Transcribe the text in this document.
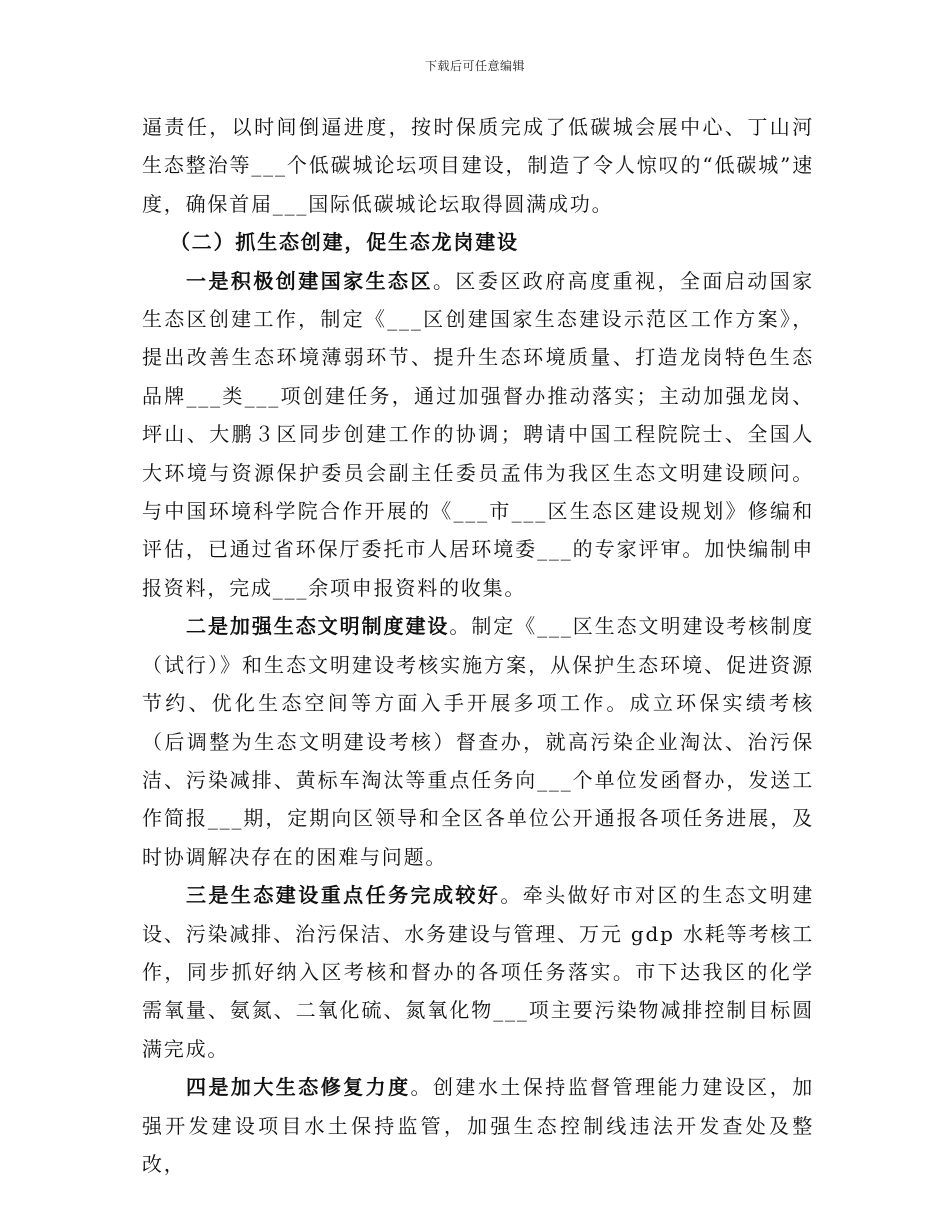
下载后可任意编辑

逼责任，以时间倒逼进度，按时保质完成了低碳城会展中心、丁山河生态整治等___个低碳城论坛项目建设，制造了令人惊叹的“低碳城”速度，确保首届___国际低碳城论坛取得圆满成功。

（二）抓生态创建，促生态龙岗建设

一是积极创建国家生态区。区委区政府高度重视，全面启动国家生态区创建工作，制定《___区创建国家生态建设示范区工作方案》，提出改善生态环境薄弱环节、提升生态环境质量、打造龙岗特色生态品牌___类___项创建任务，通过加强督办推动落实；主动加强龙岗、坪山、大鹏３区同步创建工作的协调；聘请中国工程院院士、全国人大环境与资源保护委员会副主任委员孟伟为我区生态文明建设顾问。与中国环境科学院合作开展的《___市___区生态区建设规划》修编和评估，已通过省环保厅委托市人居环境委___的专家评审。加快编制申报资料，完成___余项申报资料的收集。

二是加强生态文明制度建设。制定《___区生态文明建设考核制度（试行）》和生态文明建设考核实施方案，从保护生态环境、促进资源节约、优化生态空间等方面入手开展多项工作。成立环保实绩考核（后调整为生态文明建设考核）督查办，就高污染企业淘汰、治污保洁、污染减排、黄标车淘汰等重点任务向___个单位发函督办，发送工作简报___期，定期向区领导和全区各单位公开通报各项任务进展，及时协调解决存在的困难与问题。

三是生态建设重点任务完成较好。牵头做好市对区的生态文明建设、污染减排、治污保洁、水务建设与管理、万元 gdp 水耗等考核工作，同步抓好纳入区考核和督办的各项任务落实。市下达我区的化学需氧量、氨氮、二氧化硫、氮氧化物___项主要污染物减排控制目标圆满完成。

四是加大生态修复力度。创建水土保持监督管理能力建设区，加强开发建设项目水土保持监管，加强生态控制线违法开发查处及整改，
